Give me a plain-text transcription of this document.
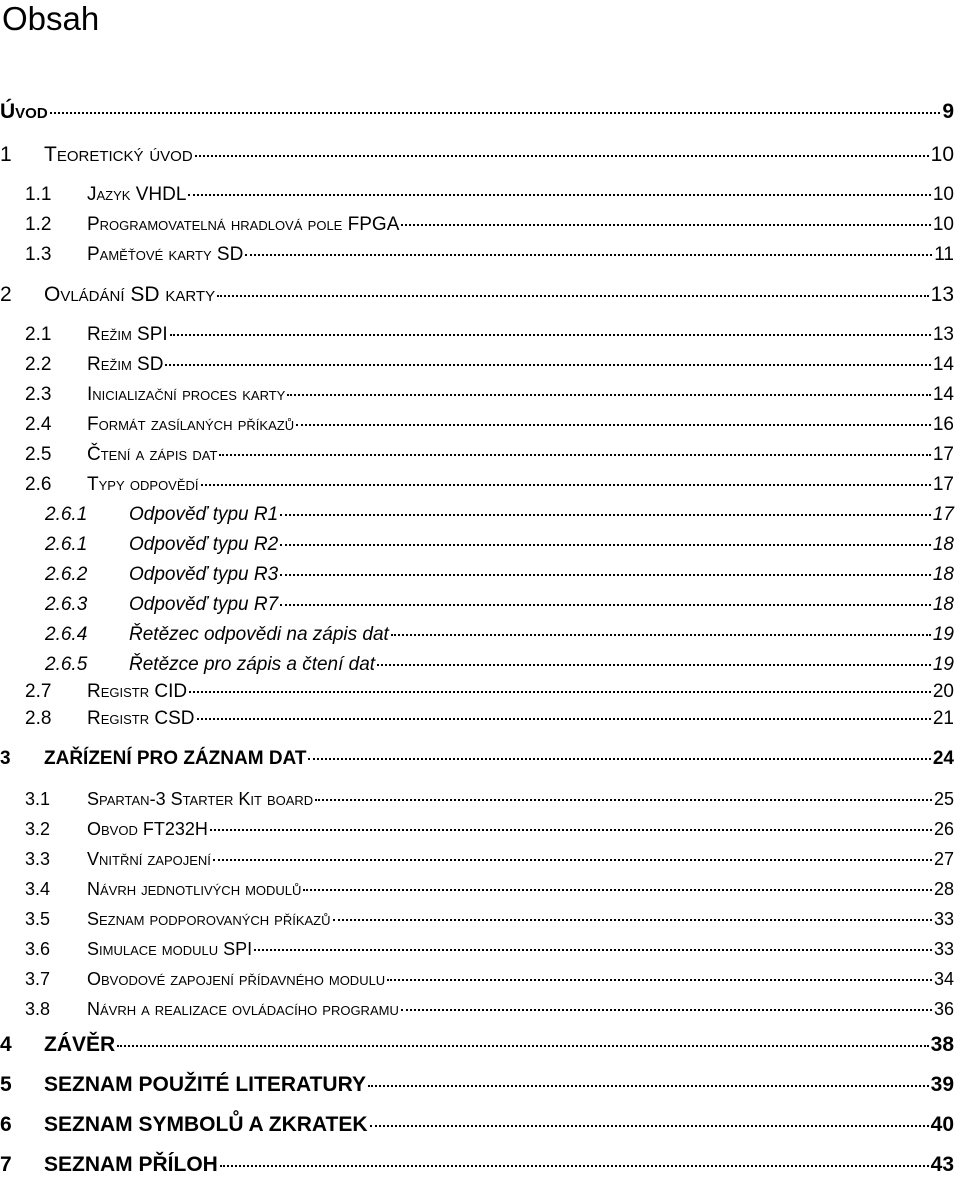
Obsah
Úvod	9
1	Teoretický úvod	10
1.1	Jazyk VHDL	10
1.2	Programovatelná hradlová pole FPGA	10
1.3	Paměťové karty SD	11
2	Ovládání SD karty	13
2.1	Režim SPI	13
2.2	Režim SD	14
2.3	Inicializační proces karty	14
2.4	Formát zasílaných příkazů	16
2.5	Čtení a zápis dat	17
2.6	Typy odpovědí	17
2.6.1	Odpověď typu R1	17
2.6.1	Odpověď typu R2	18
2.6.2	Odpověď typu R3	18
2.6.3	Odpověď typu R7	18
2.6.4	Řetězec odpovědi na zápis dat	19
2.6.5	Řetězce pro zápis a čtení dat	19
2.7	Registr CID	20
2.8	Registr CSD	21
3	ZAŘÍZENÍ PRO ZÁZNAM DAT	24
3.1	Spartan-3 Starter Kit board	25
3.2	Obvod FT232H	26
3.3	Vnitřní zapojení	27
3.4	Návrh jednotlivých modulů	28
3.5	Seznam podporovaných příkazů	33
3.6	Simulace modulu SPI	33
3.7	Obvodové zapojení přídavného modulu	34
3.8	Návrh a realizace ovládacího programu	36
4	ZÁVĚR	38
5	SEZNAM POUŽITÉ LITERATURY	39
6	SEZNAM SYMBOLŮ A ZKRATEK	40
7	SEZNAM PŘÍLOH	43
